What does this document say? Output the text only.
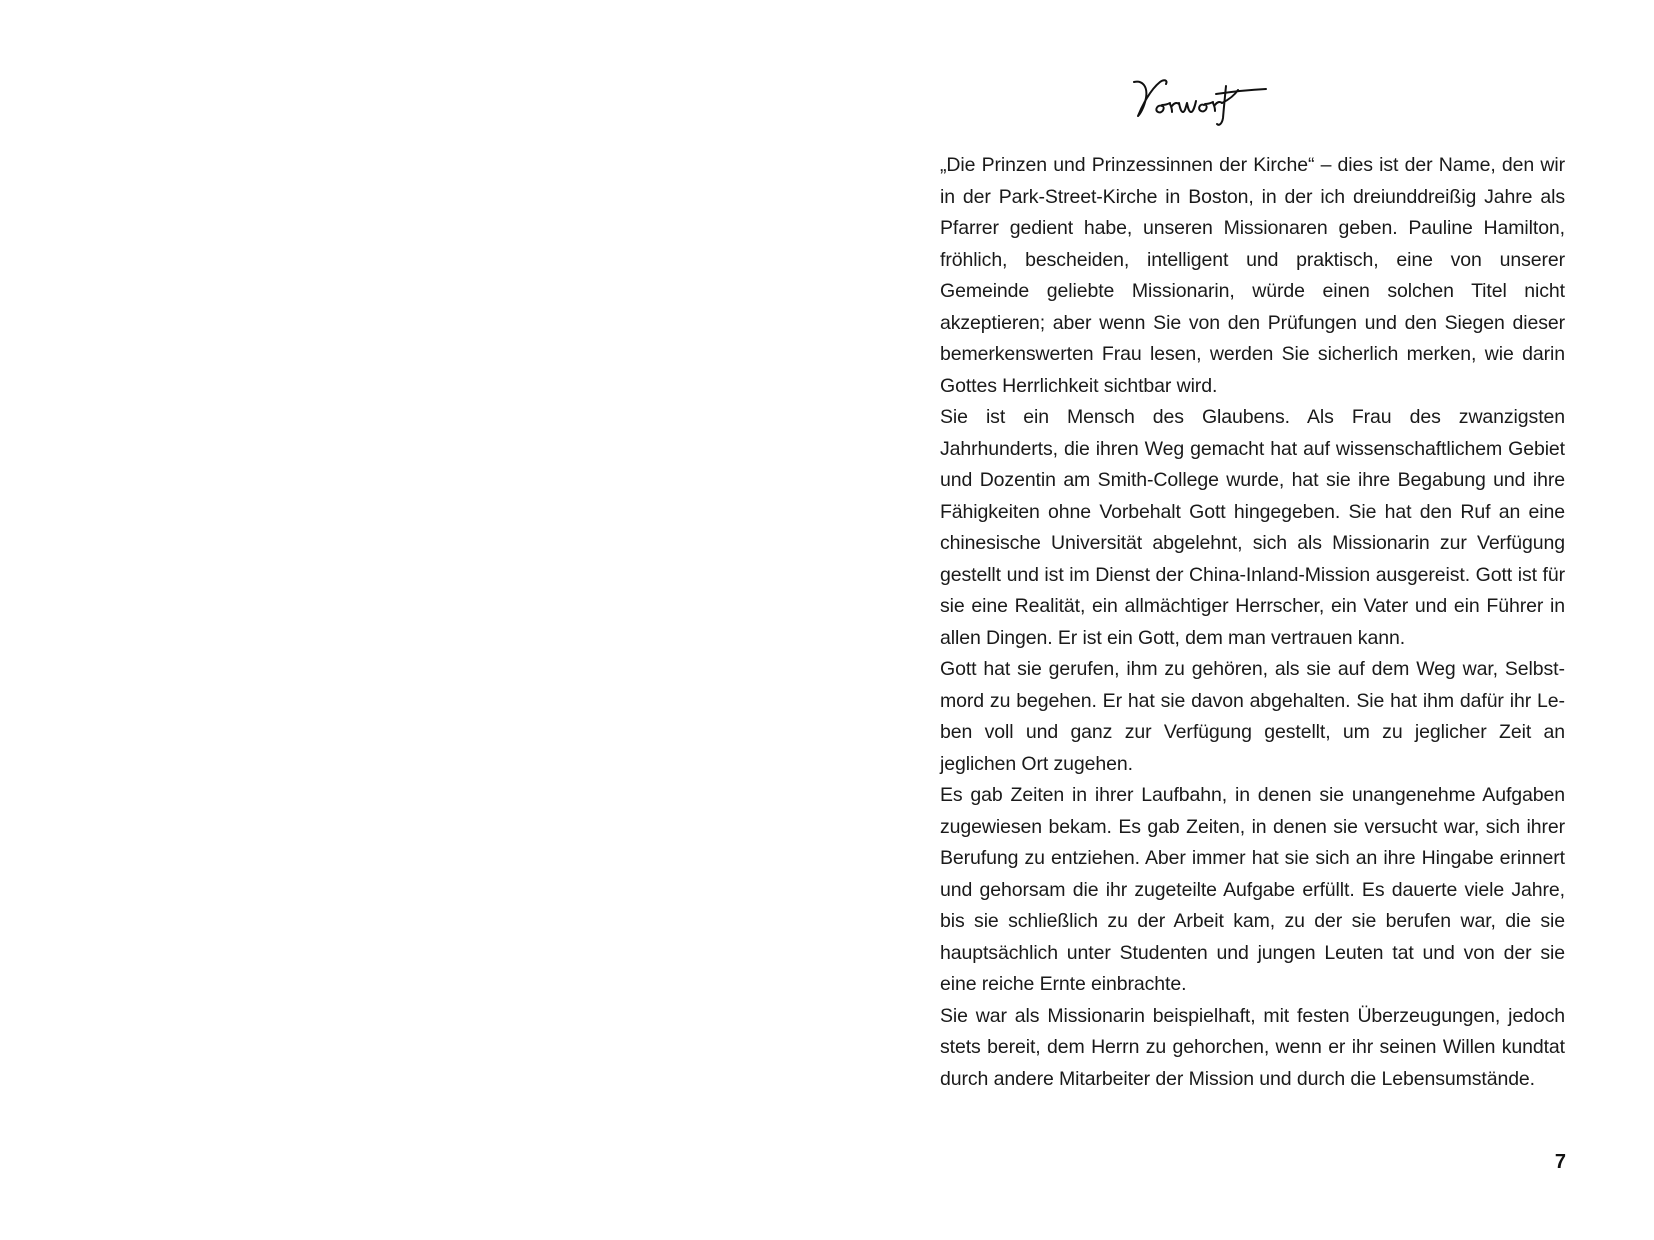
„Die Prinzen und Prinzessinnen der Kirche“ – dies ist der Name, den wir in der Park-Street-Kirche in Boston, in der ich dreiunddreißig Jahre als Pfarrer gedient habe, unseren Missionaren geben. Pauline Hamilton, fröhlich, bescheiden, intelligent und praktisch, eine von unserer Gemeinde geliebte Missionarin, würde einen solchen Titel nicht akzeptieren; aber wenn Sie von den Prüfungen und den Siegen dieser bemerkenswerten Frau lesen, werden Sie sicherlich merken, wie darin Gottes Herrlichkeit sichtbar wird.

Sie ist ein Mensch des Glaubens. Als Frau des zwanzigsten Jahrhunderts, die ihren Weg gemacht hat auf wissenschaftlichem Gebiet und Dozentin am Smith-College wurde, hat sie ihre Begabung und ihre Fähigkeiten ohne Vorbehalt Gott hingegeben. Sie hat den Ruf an eine chinesische Universität abgelehnt, sich als Missionarin zur Verfügung gestellt und ist im Dienst der China-Inland-Mission ausgereist. Gott ist für sie eine Realität, ein allmächtiger Herrscher, ein Vater und ein Führer in allen Dingen. Er ist ein Gott, dem man vertrauen kann.

Gott hat sie gerufen, ihm zu gehören, als sie auf dem Weg war, Selbstmord zu begehen. Er hat sie davon abgehalten. Sie hat ihm dafür ihr Leben voll und ganz zur Verfügung gestellt, um zu jeglicher Zeit an jeglichen Ort zugehen.

Es gab Zeiten in ihrer Laufbahn, in denen sie unangenehme Aufgaben zugewiesen bekam. Es gab Zeiten, in denen sie versucht war, sich ihrer Berufung zu entziehen. Aber immer hat sie sich an ihre Hingabe erinnert und gehorsam die ihr zugeteilte Aufgabe erfüllt. Es dauerte viele Jahre, bis sie schließlich zu der Arbeit kam, zu der sie berufen war, die sie hauptsächlich unter Studenten und jungen Leuten tat und von der sie eine reiche Ernte einbrachte.

Sie war als Missionarin beispielhaft, mit festen Überzeugungen, jedoch stets bereit, dem Herrn zu gehorchen, wenn er ihr seinen Willen kundtat durch andere Mitarbeiter der Mission und durch die Lebensumstände.

7
